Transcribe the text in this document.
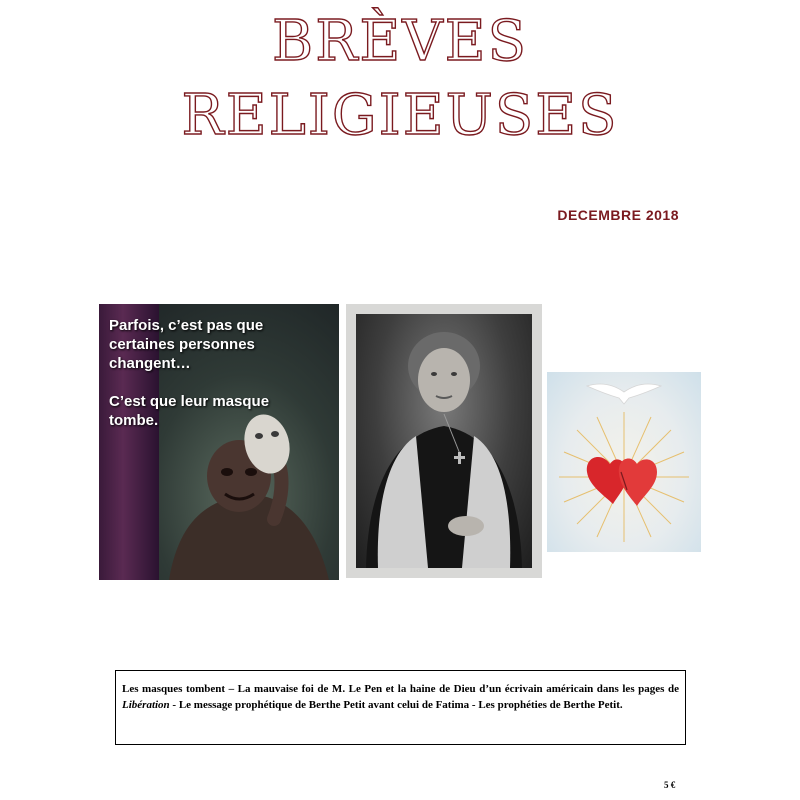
BRÈVES
RELIGIEUSES
DECEMBRE 2018
Parfois, c’est pas que
certaines personnes
changent…
C’est que leur masque
tombe.
Les masques tombent – La mauvaise foi de M. Le Pen et la haine de Dieu d’un écrivain américain dans les pages de Libération - Le message prophétique de Berthe Petit avant celui de Fatima - Les prophéties de Berthe Petit.
5 €
